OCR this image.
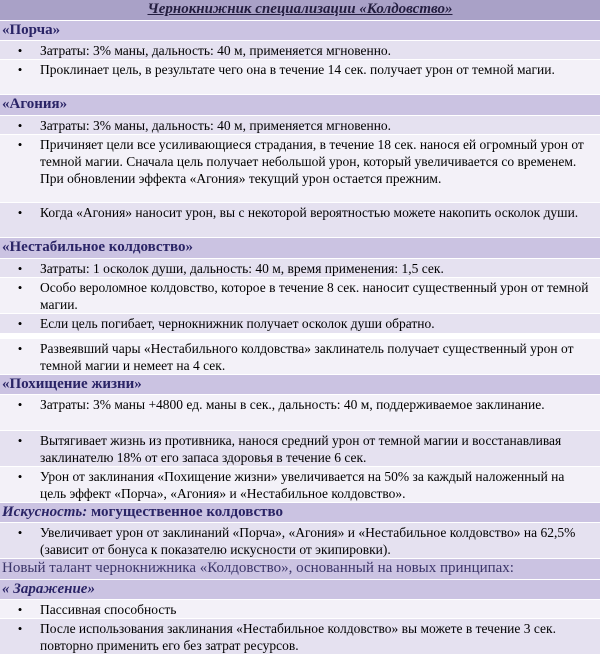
Чернокнижник специализации «Колдовство»
«Порча»
•	Затраты: 3% маны, дальность: 40 м, применяется мгновенно.
•	Проклинает цель, в результате чего она в течение 14 сек. получает урон от темной магии.
«Агония»
•	Затраты: 3% маны, дальность: 40 м, применяется мгновенно.
•	Причиняет цели все усиливающиеся страдания, в течение 18 сек. нанося ей огромный урон от темной магии. Сначала цель получает небольшой урон, который увеличивается со временем. При обновлении эффекта «Агония» текущий урон остается прежним.
•	Когда «Агония» наносит урон, вы с некоторой вероятностью можете накопить осколок души.
«Нестабильное колдовство»
•	Затраты: 1 осколок души, дальность: 40 м, время применения: 1,5 сек.
•	Особо вероломное колдовство, которое в течение 8 сек. наносит существенный урон от темной магии.
•	Если цель погибает, чернокнижник получает осколок души обратно.
•	Развеявший чары «Нестабильного колдовства» заклинатель получает существенный урон от темной магии и немеет на 4 сек.
«Похищение жизни»
•	Затраты: 3% маны +4800 ед. маны в сек., дальность: 40 м, поддерживаемое заклинание.
•	Вытягивает жизнь из противника, нанося средний урон от темной магии и восстанавливая заклинателю 18% от его запаса здоровья в течение 6 сек.
•	Урон от заклинания «Похищение жизни» увеличивается на 50% за каждый наложенный на цель эффект «Порча», «Агония» и «Нестабильное колдовство».
Искусность: могущественное колдовство
•	Увеличивает урон от заклинаний «Порча», «Агония» и «Нестабильное колдовство» на 62,5% (зависит от бонуса к показателю искусности от экипировки).
Новый талант чернокнижника «Колдовство», основанный на новых принципах:
« Заражение»
•	Пассивная способность
•	После использования заклинания «Нестабильное колдовство» вы можете в течение 3 сек. повторно применить его без затрат ресурсов.
